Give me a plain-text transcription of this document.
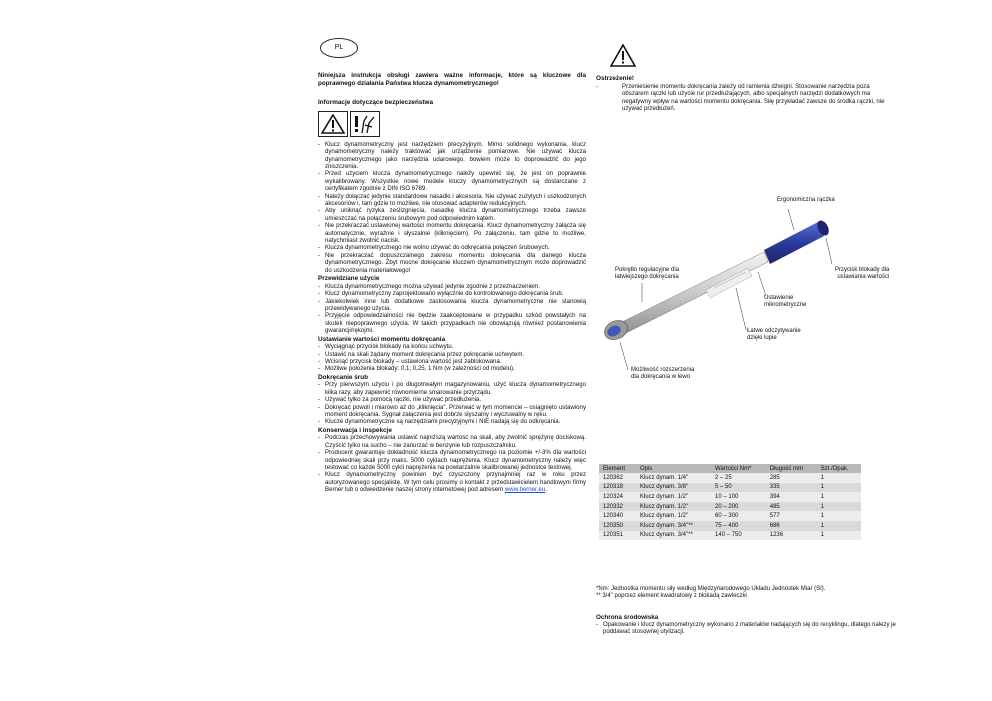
PL
Niniejsza instrukcja obsługi zawiera ważne informacje, które są kluczowe dla poprawnego działania Państwa klucza dynamometrycznego!
Informacje dotyczące bezpieczeństwa
- Klucz dynamometryczny jest narzędziem precyzyjnym. Mimo solidnego wykonania, klucz dynamometryczny należy traktować jak urządzenie pomiarowe. Nie używać klucza dynamometrycznego jako narzędzia udarowego, bowiem może to doprowadzić do jego zniszczenia.
- Przed użyciem klucza dynamometrycznego należy upewnić się, że jest on poprawnie wykalibrowany. Wszystkie nowe modele kluczy dynamometrycznych są dostarczane z certyfikatem zgodnie z DIN ISO 6789.
- Należy dołączać jedynie standardowe nasadki i akcesoria. Nie używać zużytych i uszkodzonych akcesoriów i, tam gdzie to możliwe, nie stosować adapterów redukcyjnych.
- Aby uniknąć ryzyka ześlizgnięcia, nasadkę klucza dynamometrycznego trzeba zawsze umieszczać na połączeniu śrubowym pod odpowiednim kątem.
- Nie przekraczać ustawionej wartości momentu dokręcania. Klucz dynamometryczny załącza się automatycznie, wyraźnie i słyszalnie (kliknięciem). Po załączeniu, tam gdzie to możliwe, natychmiast zwolnić nacisk.
- Klucza dynamometrycznego nie wolno używać do odkręcania połączeń śrubowych.
- Nie przekraczać dopuszczalnego zakresu momentu dokręcania dla danego klucza dynamometrycznego. Zbyt mocne dokręcanie kluczem dynamometrycznym może doprowadzić do uszkodzenia materiałowego!
Przewidziane użycie
- Klucza dynamometrycznego można używać jedynie zgodnie z przeznaczeniem.
- Klucz dynamometryczny zaprojektowano wyłącznie do kontrolowanego dokręcania śrub.
- Jakiekolwiek inne lub dodatkowe zastosowania klucza dynamometryczne nie stanowią przewidywanego użycia.
- Przyjęcie odpowiedzialności nie będzie zaakceptowane w przypadku szkód powstałych na skutek niepoprawnego użycia. W takich przypadkach nie obowiązują również postanowienia gwarancji/rękojmi.
Ustawianie wartości momentu dokręcania
- Wyciągnąć przycisk blokady na końcu uchwytu.
- Ustawić na skali żądany moment dokręcania przez pokręcanie uchwytem.
- Wcisnąć przycisk blokady – ustawiona wartość jest zablokowana.
- Możliwe położenia blokady: 0,1; 0,25, 1 Nm (w zależności od modelu).
Dokręcanie śrub
- Przy pierwszym użyciu i po długotrwałym magazynowaniu, użyć klucza dynamometrycznego kilka razy, aby zapewnić równomierne smarowanie przyrządu.
- Używać tylko za pomocą rączki, nie używać przedłużenia.
- Dokręcać powoli i miarowo aż do „kliknięcia". Przerwać w tym momencie – osiągnięto ustawiony moment dokręcania. Sygnał załączenia jest dobrze słyszalny i wyczuwalny w ręku.
- Klucze dynamometryczne są narzędziami precyzyjnymi i NIE nadają się do odkręcania.
Konserwacja i inspekcje
- Podczas przechowywania ustawić najniższą wartość na skali, aby zwolnić sprężynę dociskową. Czyścić tylko na sucho – nie zanurzać w benzynie lub rozpuszczalniku.
- Producent gwarantuje dokładność klucza dynamometrycznego na poziomie +/-3% dla wartości odpowiedniej skali przy maks. 5000 cyklach naprężenia. Klucz dynamometryczny należy więc testować co każde 5000 cykli naprężenia na powtarzalnie skalibrowanej jednostce testowej.
- Klucz dynamometryczny powinien być czyszczony przynajmniej raz w roku przez autoryzowanego specjalistę. W tym celu prosimy o kontakt z przedstawicielem handlowym firmy Berner lub o odwiedzenie naszej strony internetowej pod adresem www.berner.eu.
Ostrzeżenie!
-	Przeniesienie momentu dokręcania zależy od ramienia dźwigni. Stosowanie narzędzia poza obszarem rączki lub użycie rur przedłużających, albo specjalnych narzędzi dodatkowych ma negatywny wpływ na wartości momentu dokręcania. Siłę przykładać zawsze do środka rączki, nie używać przedłużeń.
Ergonomiczna rączka
Pokrętło regulacyjne dla
łatwiejszego dokręcania
Przycisk blokady dla
ustawiania wartości
Ustawienie
mikrometryczne
Łatwe odczytywanie
dzięki lupie
Możliwość rozszerzenia
dla dokręcania w lewo
Element	Opis	Wartości Nm*	Długość mm	Szt./Opak.
120362	Klucz dynam. 1/4''	2 – 25	285	1
120318	Klucz dynam. 3/8''	5 – 50	335	1
120324	Klucz dynam. 1/2''	10 – 100	394	1
120332	Klucz dynam. 1/2''	20 – 200	485	1
120340	Klucz dynam. 1/2''	60 – 300	577	1
120350	Klucz dynam. 3/4''**	75 – 400	686	1
120351	Klucz dynam. 3/4''**	140 – 750	1236	1
*Nm: Jednostka momentu siły według Międzynarodowego Układu Jednostek Miar (SI).
** 3/4" poprzez element kwadratowy z blokadą zawleczki
Ochrona środowiska
- Opakowanie i klucz dynamometryczny wykonano z materiałów nadających się do recyklingu, dlatego należy je poddawać stosownej utylizacji.
